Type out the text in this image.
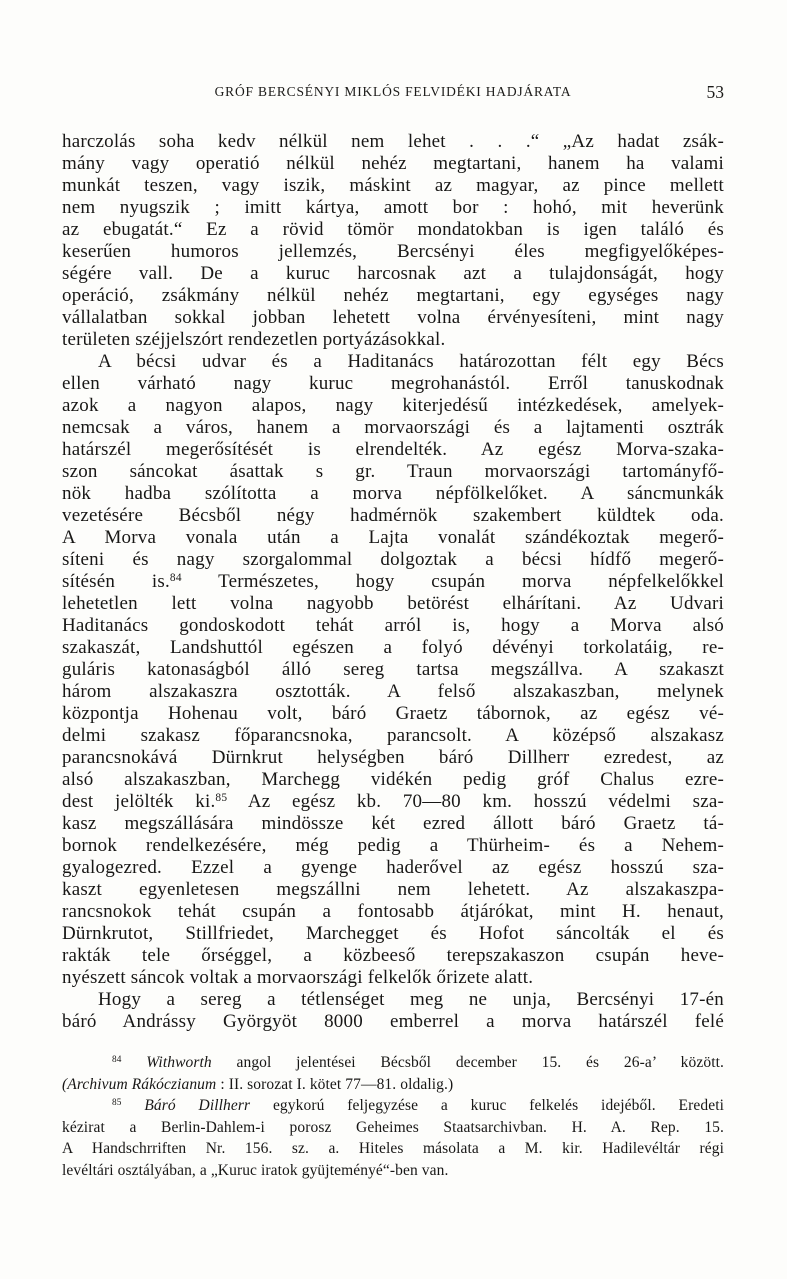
GRÓF BERCSÉNYI MIKLÓS FELVIDÉKI HADJÁRATA	53
harczolás soha kedv nélkül nem lehet . . .“ „Az hadat zsák-
mány vagy operatió nélkül nehéz megtartani, hanem ha valami
munkát teszen, vagy iszik, máskint az magyar, az pince mellett
nem nyugszik ; imitt kártya, amott bor : hohó, mit heverünk
az ebugatát.“ Ez a rövid tömör mondatokban is igen találó és
keserűen humoros jellemzés, Bercsényi éles megfigyelőképes-
ségére vall. De a kuruc harcosnak azt a tulajdonságát, hogy
operáció, zsákmány nélkül nehéz megtartani, egy egységes nagy
vállalatban sokkal jobban lehetett volna érvényesíteni, mint nagy
területen széjjelszórt rendezetlen portyázásokkal.
A bécsi udvar és a Haditanács határozottan félt egy Bécs
ellen várható nagy kuruc megrohanástól. Erről tanuskodnak
azok a nagyon alapos, nagy kiterjedésű intézkedések, amelyek-
nemcsak a város, hanem a morvaországi és a lajtamenti osztrák
határszél megerősítését is elrendelték. Az egész Morva-szaka-
szon sáncokat ásattak s gr. Traun morvaországi tartományfő-
nök hadba szólította a morva népfölkelőket. A sáncmunkák
vezetésére Bécsből négy hadmérnök szakembert küldtek oda.
A Morva vonala után a Lajta vonalát szándékoztak megerő-
síteni és nagy szorgalommal dolgoztak a bécsi hídfő megerő-
sítésén is.$^{84}$ Természetes, hogy csupán morva népfelkelőkkel
lehetetlen lett volna nagyobb betörést elhárítani. Az Udvari
Haditanács gondoskodott tehát arról is, hogy a Morva alsó
szakaszát, Landshuttól egészen a folyó dévényi torkolatáig, re-
guláris katonaságból álló sereg tartsa megszállva. A szakaszt
három alszakaszra osztották. A felső alszakaszban, melynek
központja Hohenau volt, báró Graetz tábornok, az egész vé-
delmi szakasz főparancsnoka, parancsolt. A középső alszakasz
parancsnokává Dürnkrut helységben báró Dillherr ezredest, az
alsó alszakaszban, Marchegg vidékén pedig gróf Chalus ezre-
dest jelölték ki.$^{85}$ Az egész kb. 70—80 km. hosszú védelmi sza-
kasz megszállására mindössze két ezred állott báró Graetz tá-
bornok rendelkezésére, még pedig a Thürheim- és a Nehem-
gyalogezred. Ezzel a gyenge haderővel az egész hosszú sza-
kaszt egyenletesen megszállni nem lehetett. Az alszakaszpa-
rancsnokok tehát csupán a fontosabb átjárókat, mint H. henaut,
Dürnkrutot, Stillfriedet, Marchegget és Hofot sáncolták el és
rakták tele őrséggel, a közbeeső terepszakaszon csupán heve-
nyészett sáncok voltak a morvaországi felkelők őrizete alatt.
Hogy a sereg a tétlenséget meg ne unja, Bercsényi 17-én
báró Andrássy Györgyöt 8000 emberrel a morva határszél felé
$^{84}$ Withworth angol jelentései Bécsből december 15. és 26-a’ között.
(Archivum Rákóczianum : II. sorozat I. kötet 77—81. oldalig.)
$^{85}$ Báró Dillherr egykorú feljegyzése a kuruc felkelés idejéből. Eredeti
kézirat a Berlin-Dahlem-i porosz Geheimes Staatsarchivban. H. A. Rep. 15.
A Handschrriften Nr. 156. sz. a. Hiteles másolata a M. kir. Hadilevéltár régi
levéltári osztályában, a „Kuruc iratok gyüjteményé“-ben van.
